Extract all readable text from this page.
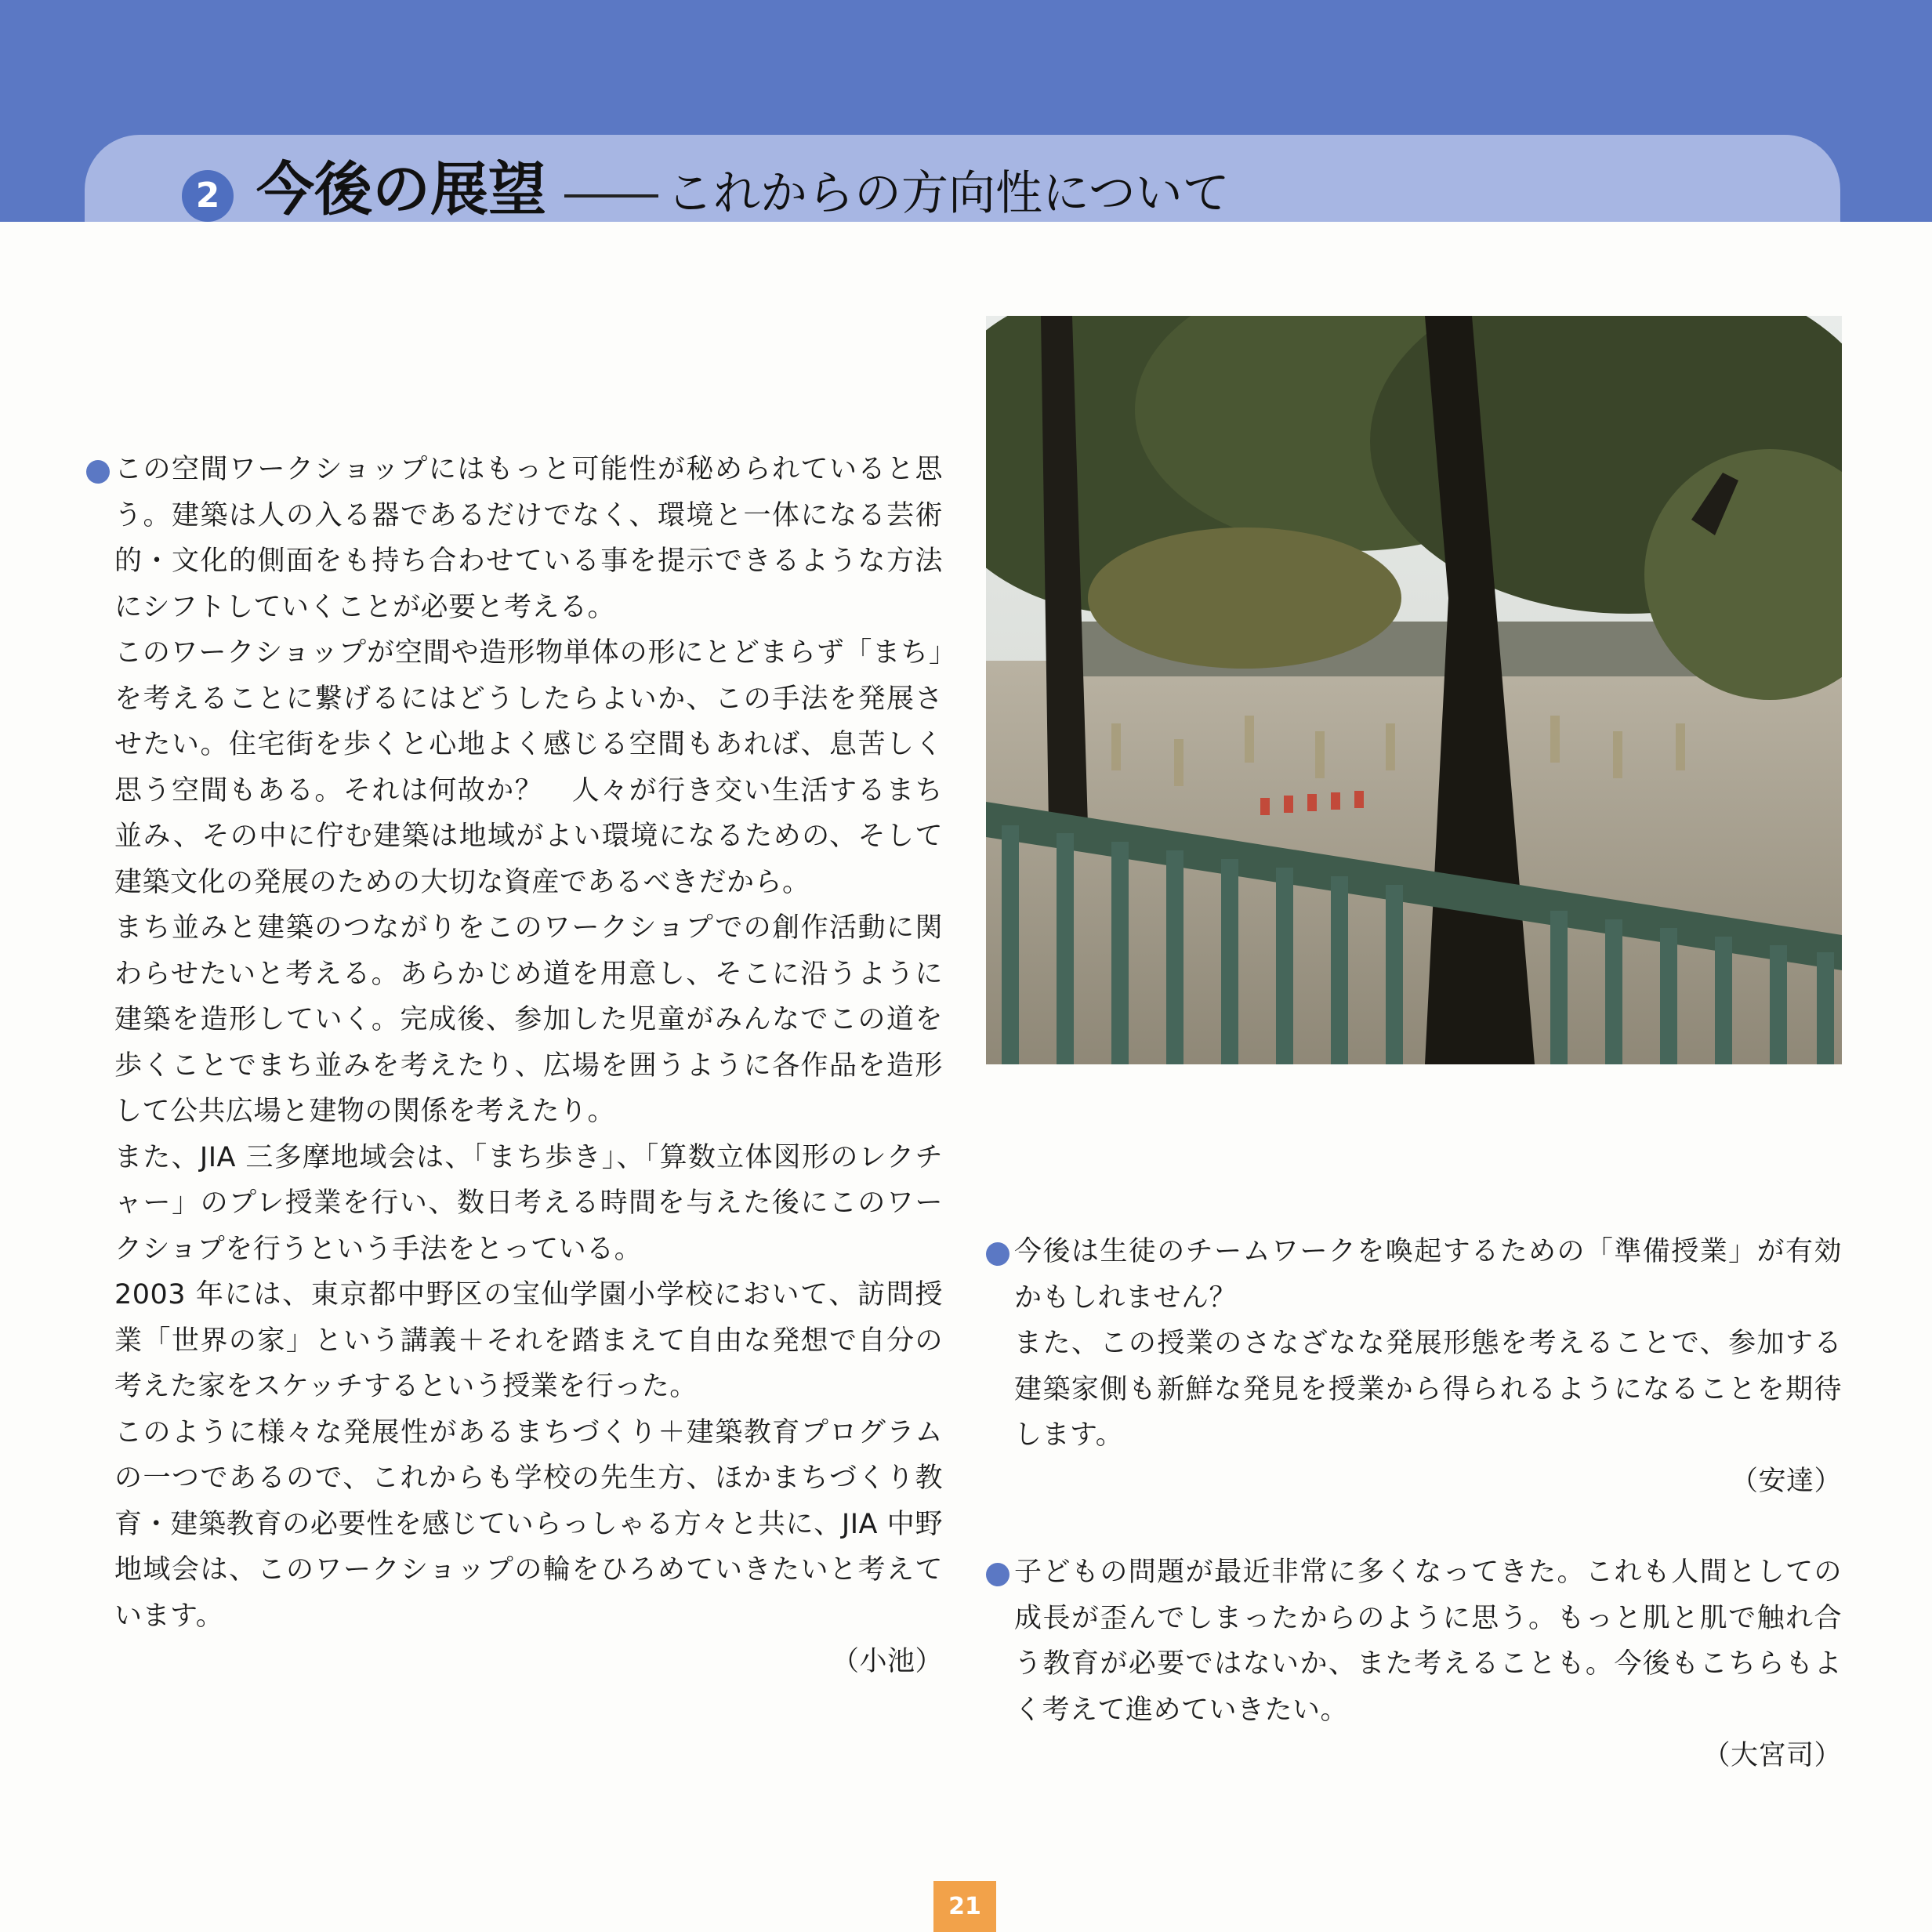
2 今後の展望	これからの方向性について

この空間ワークショップにはもっと可能性が秘められていると思う。建築は人の入る器であるだけでなく、環境と一体になる芸術的・文化的側面をも持ち合わせている事を提示できるような方法にシフトしていくことが必要と考える。

このワークショップが空間や造形物単体の形にとどまらず「まち」を考えることに繋げるにはどうしたらよいか、この手法を発展させたい。住宅街を歩くと心地よく感じる空間もあれば、息苦しく思う空間もある。それは何故か？　人々が行き交い生活するまち並み、その中に佇む建築は地域がよい環境になるための、そして建築文化の発展のための大切な資産であるべきだから。

まち並みと建築のつながりをこのワークショプでの創作活動に関わらせたいと考える。あらかじめ道を用意し、そこに沿うように建築を造形していく。完成後、参加した児童がみんなでこの道を歩くことでまち並みを考えたり、広場を囲うように各作品を造形して公共広場と建物の関係を考えたり。

また、JIA 三多摩地域会は、「まち歩き」、「算数立体図形のレクチャー」のプレ授業を行い、数日考える時間を与えた後にこのワークショプを行うという手法をとっている。

2003 年には、東京都中野区の宝仙学園小学校において、訪問授業「世界の家」という講義＋それを踏まえて自由な発想で自分の考えた家をスケッチするという授業を行った。

このように様々な発展性があるまちづくり＋建築教育プログラムの一つであるので、これからも学校の先生方、ほかまちづくり教育・建築教育の必要性を感じていらっしゃる方々と共に、JIA 中野地域会は、このワークショップの輪をひろめていきたいと考えています。

（小池）

今後は生徒のチームワークを喚起するための「準備授業」が有効かもしれません？

また、この授業のさなざなな発展形態を考えることで、参加する建築家側も新鮮な発見を授業から得られるようになることを期待します。

（安達）

子どもの問題が最近非常に多くなってきた。これも人間としての成長が歪んでしまったからのように思う。もっと肌と肌で触れ合う教育が必要ではないか、また考えることも。今後もこちらもよく考えて進めていきたい。

（大宮司）

21
